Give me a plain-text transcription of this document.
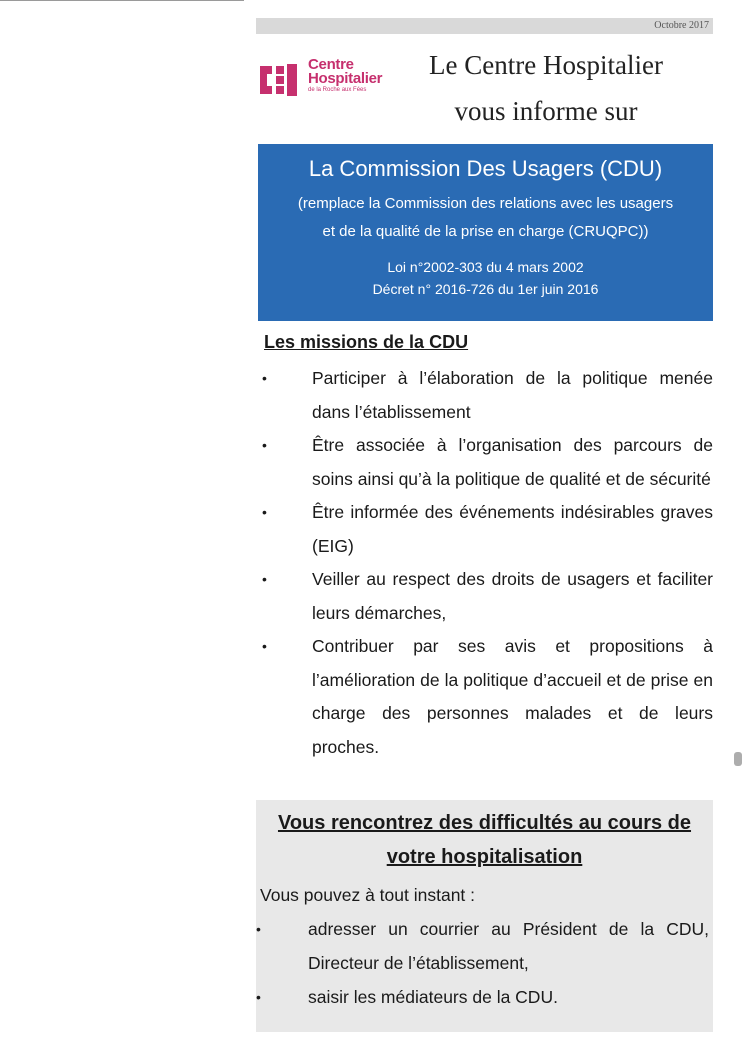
Octobre 2017
Centre
Hospitalier
de la Roche aux Fées
Le Centre Hospitalier
vous informe sur
La Commission Des Usagers (CDU)
(remplace la Commission des relations avec les usagers
et de la qualité de la prise en charge (CRUQPC))
Loi n°2002-303 du 4 mars 2002
Décret n° 2016-726 du 1er juin 2016
Les missions de la CDU
•	Participer à l’élaboration de la politique menée dans l’établissement
•	Être associée à l’organisation des parcours de soins ainsi qu’à la politique de qualité et de sécurité
•	Être informée des événements indésirables graves (EIG)
•	Veiller au respect des droits de usagers et faciliter leurs démarches,
•	Contribuer par ses avis et propositions à l’amélioration de la politique d’accueil et de prise en charge des personnes malades et de leurs proches.
Vous rencontrez des difficultés au cours de
votre hospitalisation
Vous pouvez à tout instant :
•	adresser un courrier au Président de la CDU, Directeur de l’établissement,
•	saisir les médiateurs de la CDU.
